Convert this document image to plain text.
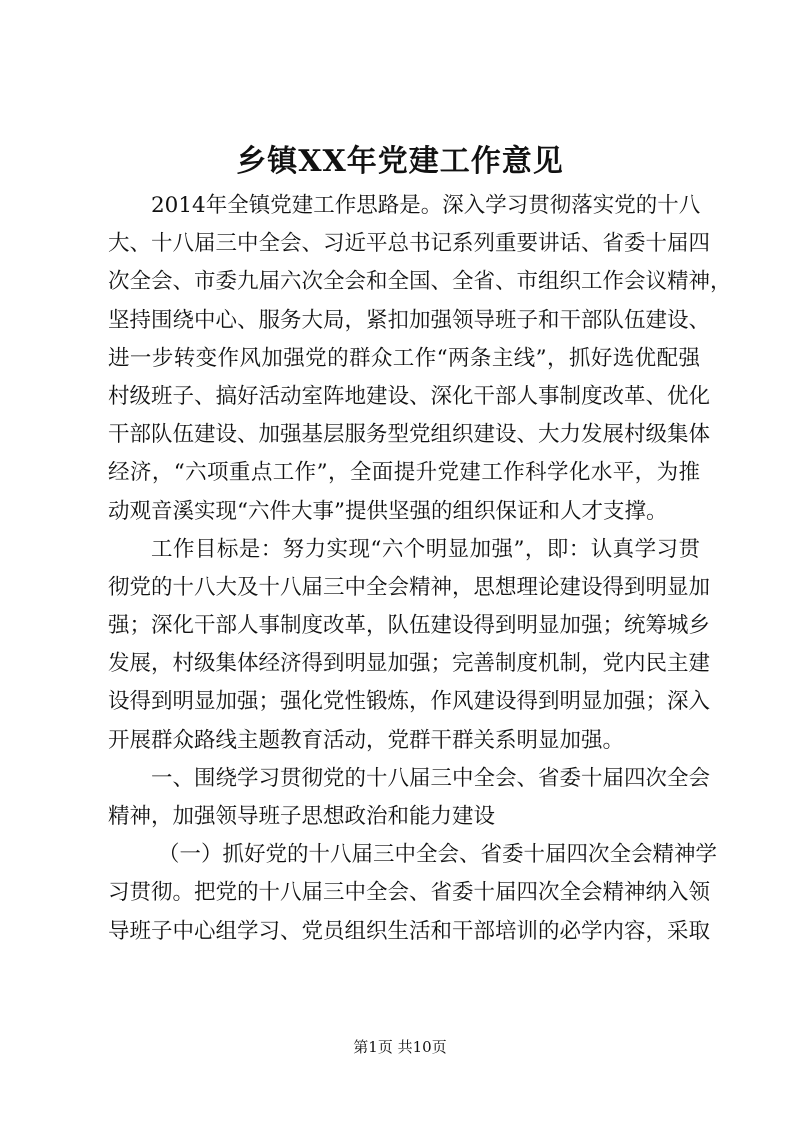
乡镇XX年党建工作意见
2014年全镇党建工作思路是。深入学习贯彻落实党的十八
大、十八届三中全会、习近平总书记系列重要讲话、省委十届四
次全会、市委九届六次全会和全国、全省、市组织工作会议精神，
坚持围绕中心、服务大局，紧扣加强领导班子和干部队伍建设、
进一步转变作风加强党的群众工作“两条主线”，抓好选优配强
村级班子、搞好活动室阵地建设、深化干部人事制度改革、优化
干部队伍建设、加强基层服务型党组织建设、大力发展村级集体
经济，“六项重点工作”，全面提升党建工作科学化水平，为推
动观音溪实现“六件大事”提供坚强的组织保证和人才支撑。
工作目标是：努力实现“六个明显加强”，即：认真学习贯
彻党的十八大及十八届三中全会精神，思想理论建设得到明显加
强；深化干部人事制度改革，队伍建设得到明显加强；统筹城乡
发展，村级集体经济得到明显加强；完善制度机制，党内民主建
设得到明显加强；强化党性锻炼，作风建设得到明显加强；深入
开展群众路线主题教育活动，党群干群关系明显加强。
一、围绕学习贯彻党的十八届三中全会、省委十届四次全会
精神，加强领导班子思想政治和能力建设
（一）抓好党的十八届三中全会、省委十届四次全会精神学
习贯彻。把党的十八届三中全会、省委十届四次全会精神纳入领
导班子中心组学习、党员组织生活和干部培训的必学内容，采取
第1页 共10页
